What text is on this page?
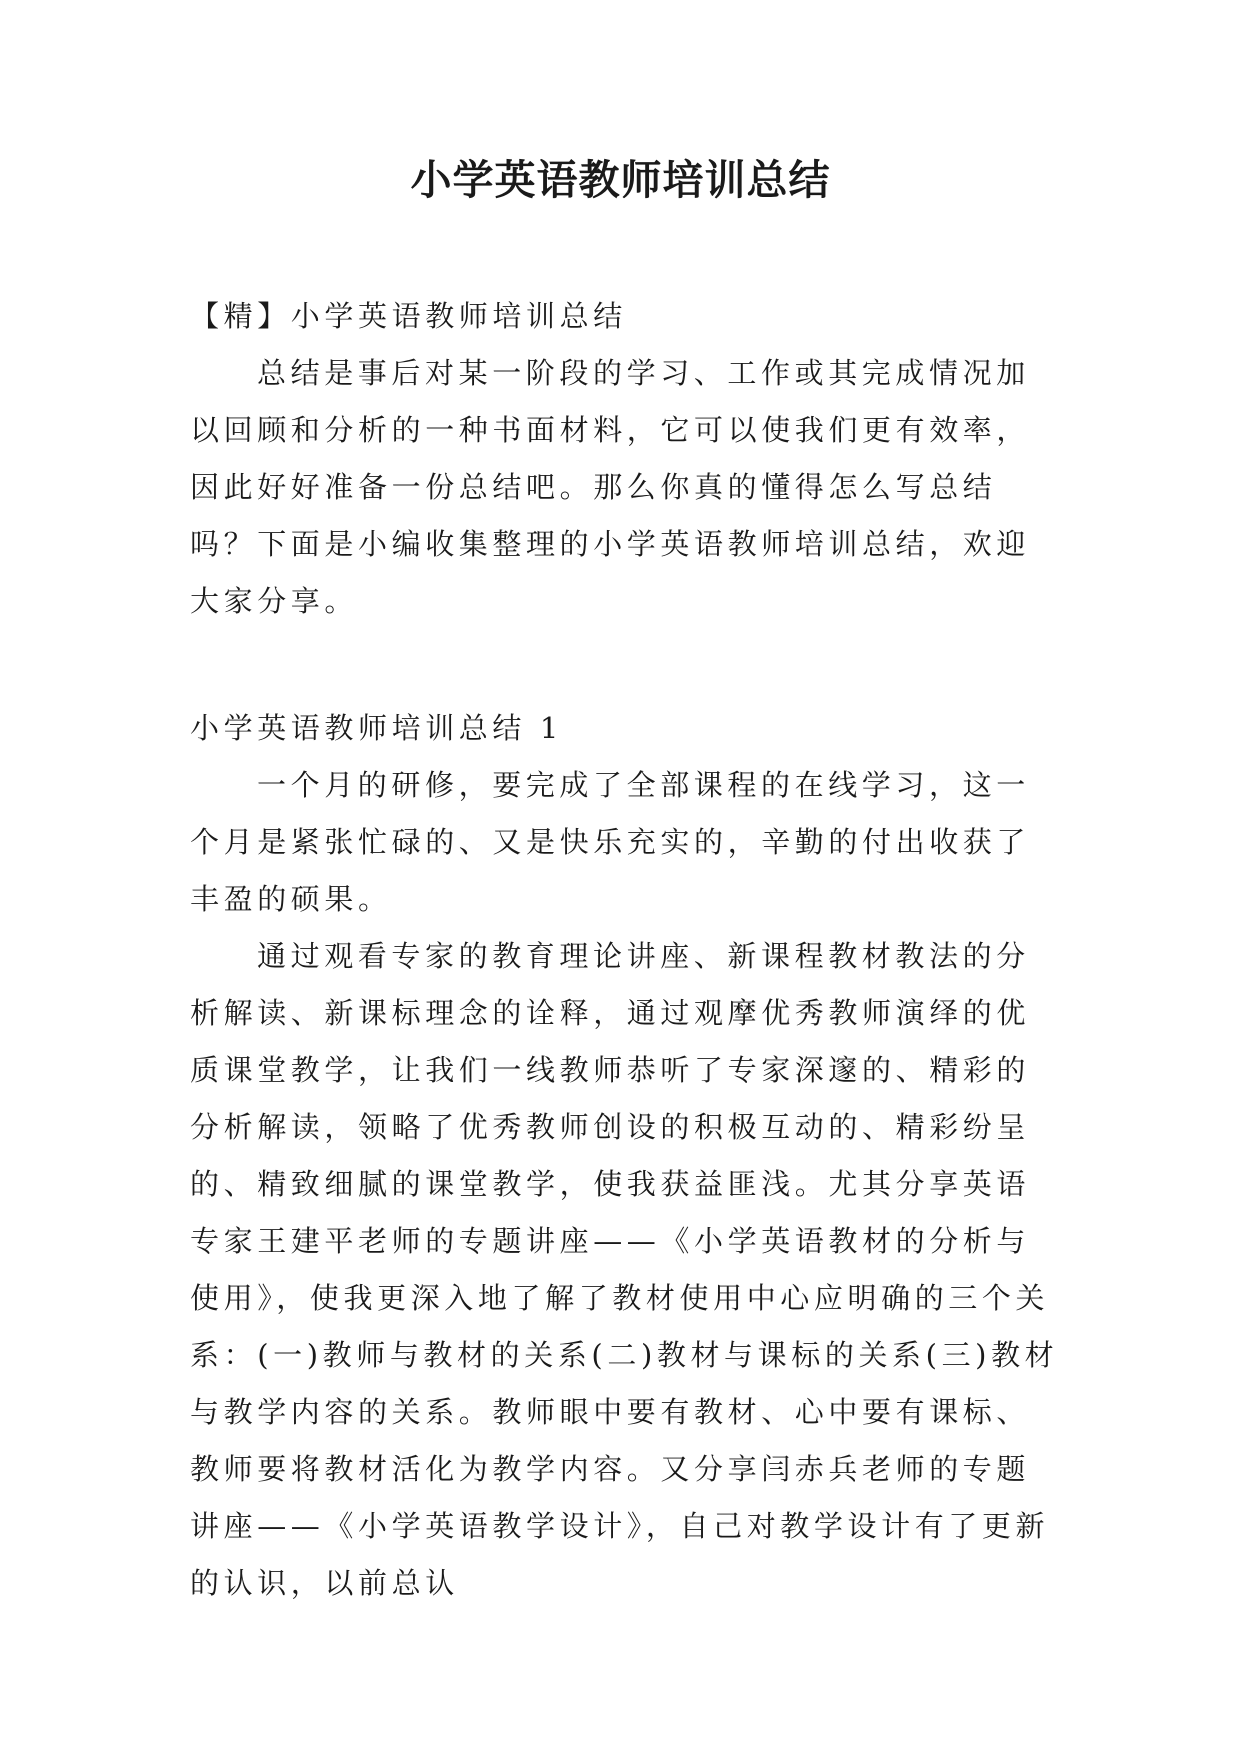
小学英语教师培训总结

【精】小学英语教师培训总结

总结是事后对某一阶段的学习、工作或其完成情况加以回顾和分析的一种书面材料，它可以使我们更有效率，因此好好准备一份总结吧。那么你真的懂得怎么写总结吗？下面是小编收集整理的小学英语教师培训总结，欢迎大家分享。

小学英语教师培训总结 1

一个月的研修，要完成了全部课程的在线学习，这一个月是紧张忙碌的、又是快乐充实的，辛勤的付出收获了丰盈的硕果。

通过观看专家的教育理论讲座、新课程教材教法的分析解读、新课标理念的诠释，通过观摩优秀教师演绎的优质课堂教学，让我们一线教师恭听了专家深邃的、精彩的分析解读，领略了优秀教师创设的积极互动的、精彩纷呈的、精致细腻的课堂教学，使我获益匪浅。尤其分享英语专家王建平老师的专题讲座——《小学英语教材的分析与使用》，使我更深入地了解了教材使用中心应明确的三个关系：(一)教师与教材的关系(二)教材与课标的关系(三)教材与教学内容的关系。教师眼中要有教材、心中要有课标、教师要将教材活化为教学内容。又分享闫赤兵老师的专题讲座——《小学英语教学设计》，自己对教学设计有了更新的认识，以前总认
